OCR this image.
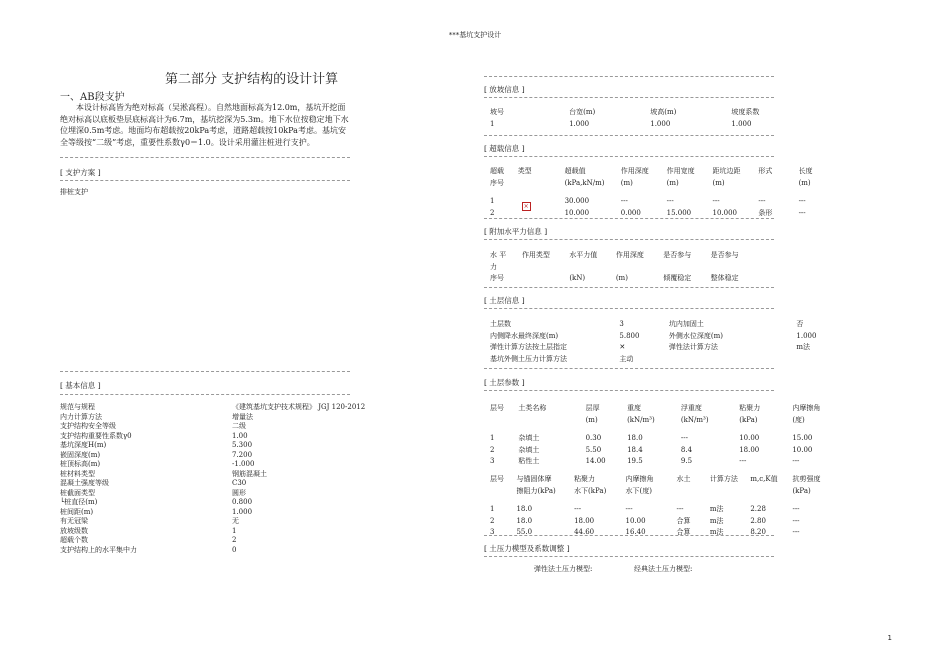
***基坑支护设计
第二部分 支护结构的设计计算
一、AB段支护
本设计标高皆为绝对标高（吴淞高程）。自然地面标高为12.0m，基坑开挖面绝对标高以底板垫层底标高计为6.7m，基坑挖深为5.3m。地下水位按稳定地下水位埋深0.5m考虑。地面均布超载按20kPa考虑，道路超载按10kPa考虑。基坑安全等级按“二级”考虑，重要性系数γ0＝1.0。设计采用灌注桩进行支护。
[ 支护方案 ]
排桩支护
[ 基本信息 ]
规范与规程	《建筑基坑支护技术规程》 JGJ 120-2012
内力计算方法	增量法
支护结构安全等级	二级
支护结构重要性系数γ0	1.00
基坑深度H(m)	5.300
嵌固深度(m)	7.200
桩顶标高(m)	-1.000
桩材料类型	钢筋混凝土
混凝土强度等级	C30
桩截面类型	圆形
└桩直径(m)	0.800
桩间距(m)	1.000
有无冠梁	无
放坡级数	1
超载个数	2
支护结构上的水平集中力	0
[ 放坡信息 ]
坡号	台宽(m)	坡高(m)	坡度系数
1	1.000	1.000	1.000
[ 超载信息 ]
超载	类型	超载值	作用深度	作用宽度	距坑边距	形式	长度
序号		(kPa,kN/m)	(m)	(m)	(m)		(m)

1	×	30.000	---	---	---	---	---
2		10.000	0.000	15.000	10.000	条形	---
[ 附加水平力信息 ]
水 平	作用类型	水平力值	作用深度	是否参与	是否参与
力					
序号		(kN)	(m)	倾覆稳定	整体稳定
[ 土层信息 ]
土层数	3	坑内加固土	否
内侧降水最终深度(m)	5.800	外侧水位深度(m)	1.000
弹性计算方法按土层指定	✕	弹性法计算方法	m法
基坑外侧土压力计算方法	主动		
[ 土层参数 ]
层号	土类名称	层厚	重度	浮重度	粘聚力	内摩擦角
		(m)	(kN/m³)	(kN/m³)	(kPa)	(度)

1	杂填土	0.30	18.0	---	10.00	15.00
2	杂填土	5.50	18.4	8.4	18.00	10.00
3	粘性土	14.00	19.5	9.5	---	---
层号	与锚固体摩	粘聚力	内摩擦角	水土	计算方法	m,c,K值	抗剪强度
	擦阻力(kPa)	水下(kPa)	水下(度)				(kPa)

1	18.0	---	---	---	m法	2.28	---
2	18.0	18.00	10.00	合算	m法	2.80	---
3	55.0	44.60	16.40	合算	m法	8.20	---
[ 土压力模型及系数调整 ]
弹性法土压力模型:	经典法土压力模型:
1
